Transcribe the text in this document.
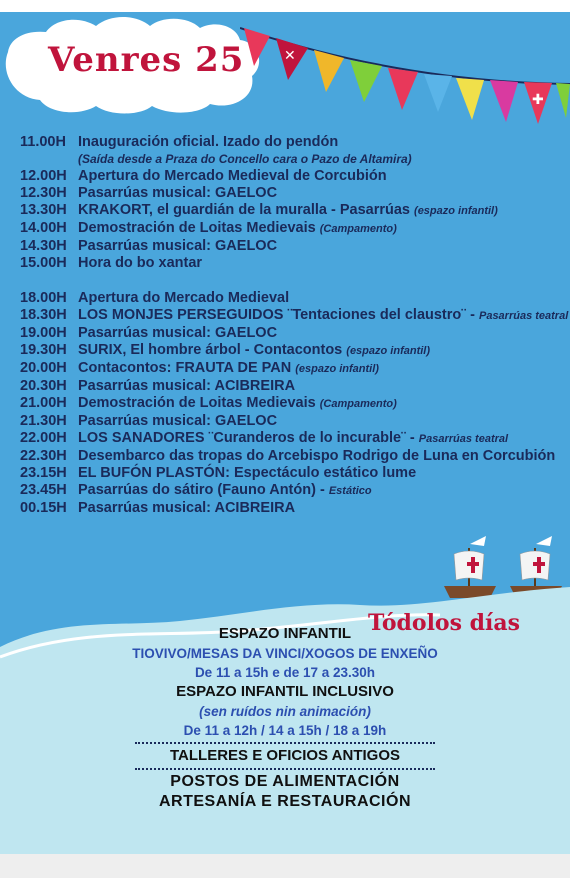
Venres 25	✕
✚
11.00H Inauguración oficial. Izado do pendón
(Saída desde a Praza do Concello cara o Pazo de Altamira)
12.00H Apertura do Mercado Medieval de Corcubión
12.30H Pasarrúas musical: GAELOC
13.30H KRAKORT, el guardián de la muralla - Pasarrúas (espazo infantil)
14.00H Demostración de Loitas Medievais (Campamento)
14.30H Pasarrúas musical: GAELOC
15.00H Hora do bo xantar
18.00H Apertura do Mercado Medieval
18.30H LOS MONJES PERSEGUIDOS ¨Tentaciones del claustro¨ - Pasarrúas teatral
19.00H Pasarrúas musical: GAELOC
19.30H SURIX, El hombre árbol - Contacontos (espazo infantil)
20.00H Contacontos: FRAUTA DE PAN (espazo infantil)
20.30H Pasarrúas musical: ACIBREIRA
21.00H Demostración de Loitas Medievais (Campamento)
21.30H Pasarrúas musical: GAELOC
22.00H LOS SANADORES ¨Curanderos de lo incurable¨ - Pasarrúas teatral
22.30H Desembarco das tropas do Arcebispo Rodrigo de Luna en Corcubión
23.15H EL BUFÓN PLASTÓN: Espectáculo estático lume
23.45H Pasarrúas do sátiro (Fauno Antón) - Estático
00.15H Pasarrúas musical: ACIBREIRA
Tódolos días
ESPAZO INFANTIL
TIOVIVO/MESAS DA VINCI/XOGOS DE ENXEÑO
De 11 a 15h e de 17 a 23.30h
ESPAZO INFANTIL INCLUSIVO
(sen ruídos nin animación)
De 11 a 12h / 14 a 15h / 18 a 19h
TALLERES E OFICIOS ANTIGOS
POSTOS DE ALIMENTACIÓN
ARTESANÍA E RESTAURACIÓN
